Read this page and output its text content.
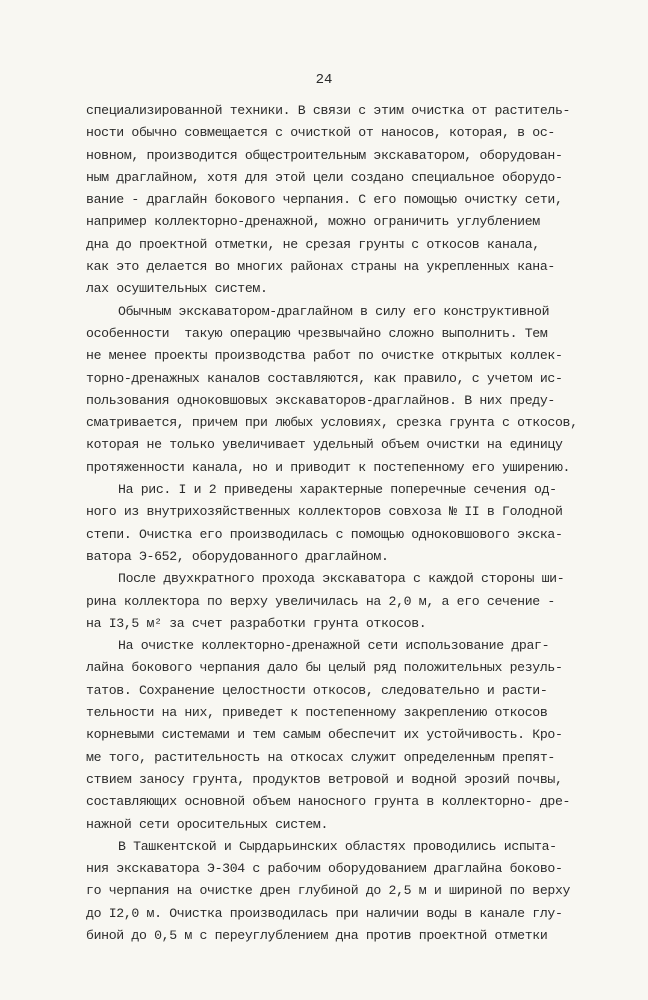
24
специализированной техники. В связи с этим очистка от раститель-
ности обычно совмещается с очисткой от наносов, которая, в ос-
новном, производится общестроительным экскаватором, оборудован-
ным драглайном, хотя для этой цели создано специальное оборудо-
вание - драглайн бокового черпания. С его помощью очистку сети,
например коллекторно-дренажной, можно ограничить углублением
дна до проектной отметки, не срезая грунты с откосов канала,
как это делается во многих районах страны на укрепленных кана-
лах осушительных систем.
Обычным экскаватором-драглайном в силу его конструктивной
особенности  такую операцию чрезвычайно сложно выполнить. Тем
не менее проекты производства работ по очистке открытых коллек-
торно-дренажных каналов составляются, как правило, с учетом ис-
пользования одноковшовых экскаваторов-драглайнов. В них преду-
сматривается, причем при любых условиях, срезка грунта с откосов,
которая не только увеличивает удельный объем очистки на единицу
протяженности канала, но и приводит к постепенному его уширению.
На рис. I и 2 приведены характерные поперечные сечения од-
ного из внутрихозяйственных коллекторов совхоза № II в Голодной
степи. Очистка его производилась с помощью одноковшового экска-
ватора Э-652, оборудованного драглайном.
После двухкратного прохода экскаватора с каждой стороны ши-
рина коллектора по верху увеличилась на 2,0 м, а его сечение -
на I3,5 м² за счет разработки грунта откосов.
На очистке коллекторно-дренажной сети использование драг-
лайна бокового черпания дало бы целый ряд положительных резуль-
татов. Сохранение целостности откосов, следовательно и расти-
тельности на них, приведет к постепенному закреплению откосов
корневыми системами и тем самым обеспечит их устойчивость. Кро-
ме того, растительность на откосах служит определенным препят-
ствием заносу грунта, продуктов ветровой и водной эрозий почвы,
составляющих основной объем наносного грунта в коллекторно- дре-
нажной сети оросительных систем.
В Ташкентской и Сырдарьинских областях проводились испыта-
ния экскаватора Э-304 с рабочим оборудованием драглайна боково-
го черпания на очистке дрен глубиной до 2,5 м и шириной по верху
до I2,0 м. Очистка производилась при наличии воды в канале глу-
биной до 0,5 м с переуглублением дна против проектной отметки
